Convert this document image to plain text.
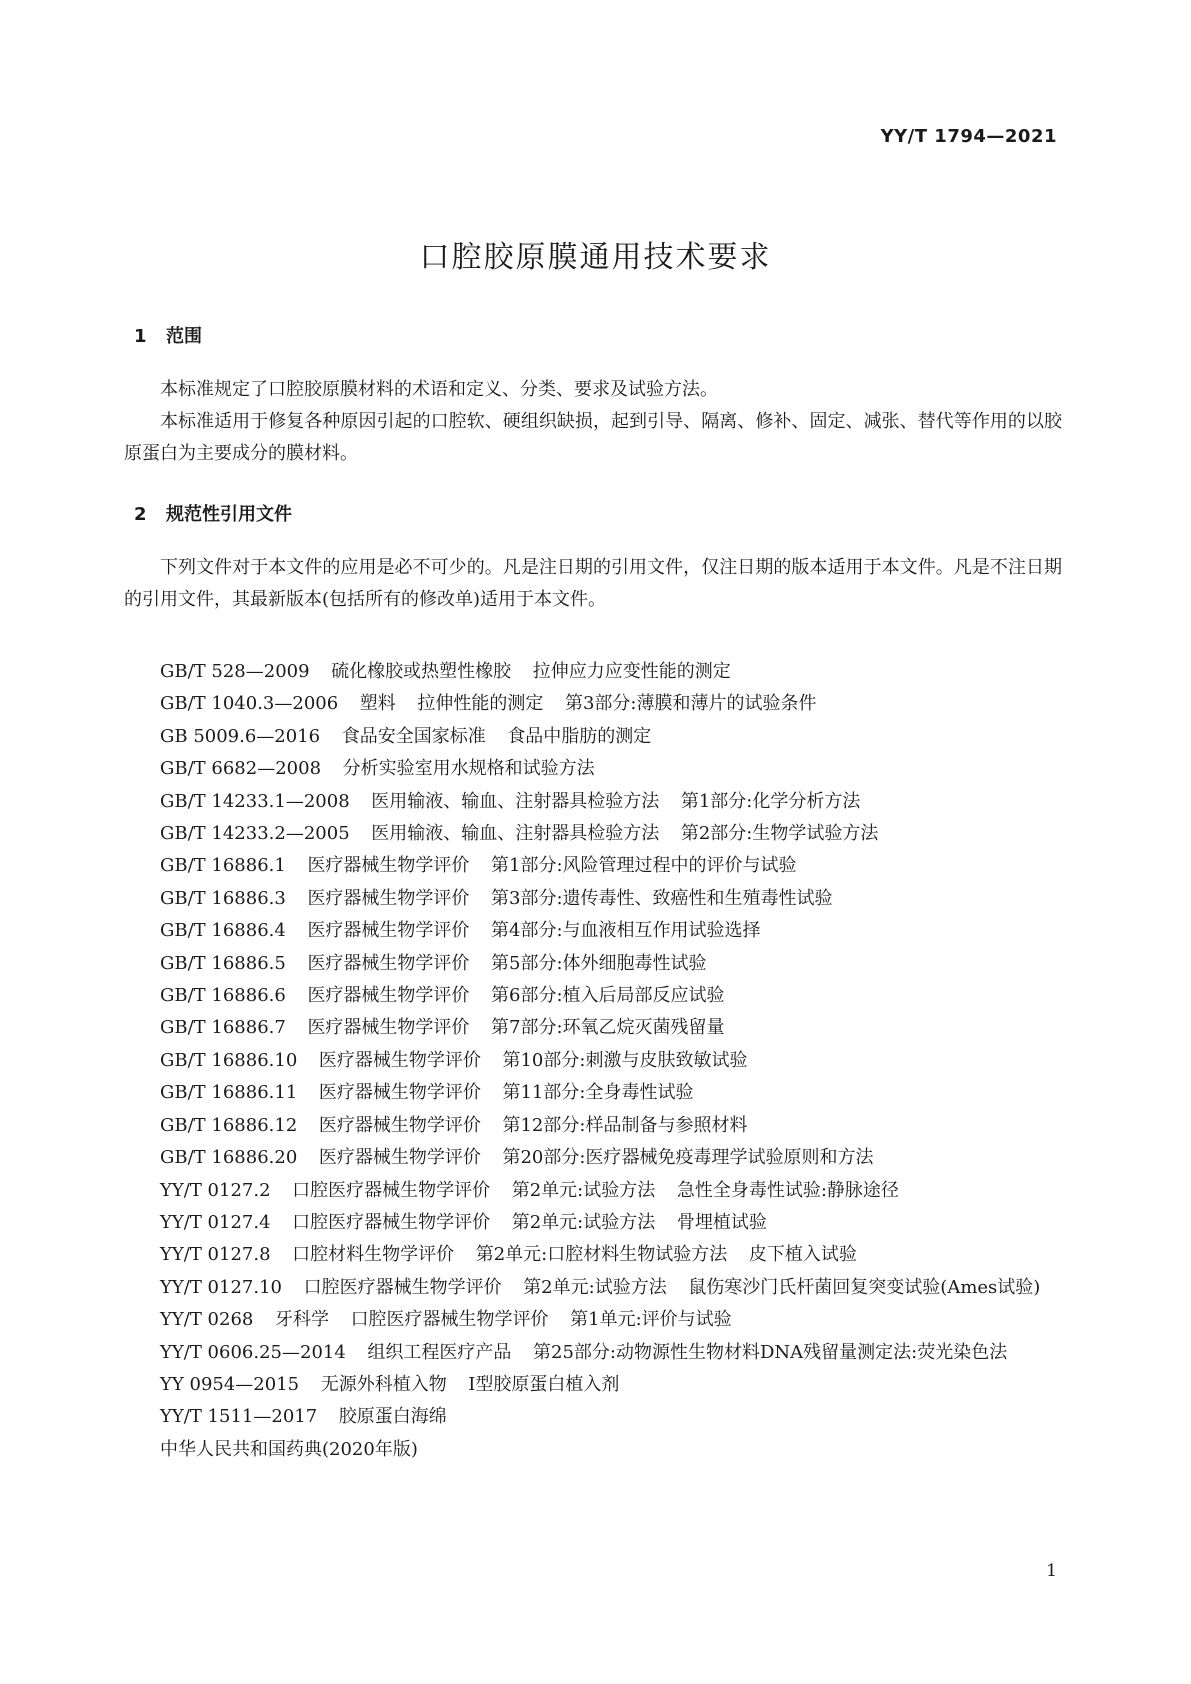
YY/T 1794—2021
口腔胶原膜通用技术要求
1 范围
本标准规定了口腔胶原膜材料的术语和定义、分类、要求及试验方法。
本标准适用于修复各种原因引起的口腔软、硬组织缺损，起到引导、隔离、修补、固定、减张、替代等作用的以胶原蛋白为主要成分的膜材料。
2 规范性引用文件
下列文件对于本文件的应用是必不可少的。凡是注日期的引用文件，仅注日期的版本适用于本文件。凡是不注日期的引用文件，其最新版本(包括所有的修改单)适用于本文件。
GB/T 528—2009 硫化橡胶或热塑性橡胶 拉伸应力应变性能的测定
GB/T 1040.3—2006 塑料 拉伸性能的测定 第3部分:薄膜和薄片的试验条件
GB 5009.6—2016 食品安全国家标准 食品中脂肪的测定
GB/T 6682—2008 分析实验室用水规格和试验方法
GB/T 14233.1—2008 医用输液、输血、注射器具检验方法 第1部分:化学分析方法
GB/T 14233.2—2005 医用输液、输血、注射器具检验方法 第2部分:生物学试验方法
GB/T 16886.1 医疗器械生物学评价 第1部分:风险管理过程中的评价与试验
GB/T 16886.3 医疗器械生物学评价 第3部分:遗传毒性、致癌性和生殖毒性试验
GB/T 16886.4 医疗器械生物学评价 第4部分:与血液相互作用试验选择
GB/T 16886.5 医疗器械生物学评价 第5部分:体外细胞毒性试验
GB/T 16886.6 医疗器械生物学评价 第6部分:植入后局部反应试验
GB/T 16886.7 医疗器械生物学评价 第7部分:环氧乙烷灭菌残留量
GB/T 16886.10 医疗器械生物学评价 第10部分:刺激与皮肤致敏试验
GB/T 16886.11 医疗器械生物学评价 第11部分:全身毒性试验
GB/T 16886.12 医疗器械生物学评价 第12部分:样品制备与参照材料
GB/T 16886.20 医疗器械生物学评价 第20部分:医疗器械免疫毒理学试验原则和方法
YY/T 0127.2 口腔医疗器械生物学评价 第2单元:试验方法 急性全身毒性试验:静脉途径
YY/T 0127.4 口腔医疗器械生物学评价 第2单元:试验方法 骨埋植试验
YY/T 0127.8 口腔材料生物学评价 第2单元:口腔材料生物试验方法 皮下植入试验
YY/T 0127.10 口腔医疗器械生物学评价 第2单元:试验方法 鼠伤寒沙门氏杆菌回复突变试验(Ames试验)
YY/T 0268 牙科学 口腔医疗器械生物学评价 第1单元:评价与试验
YY/T 0606.25—2014 组织工程医疗产品 第25部分:动物源性生物材料DNA残留量测定法:荧光染色法
YY 0954—2015 无源外科植入物 Ⅰ型胶原蛋白植入剂
YY/T 1511—2017 胶原蛋白海绵
中华人民共和国药典(2020年版)
1
